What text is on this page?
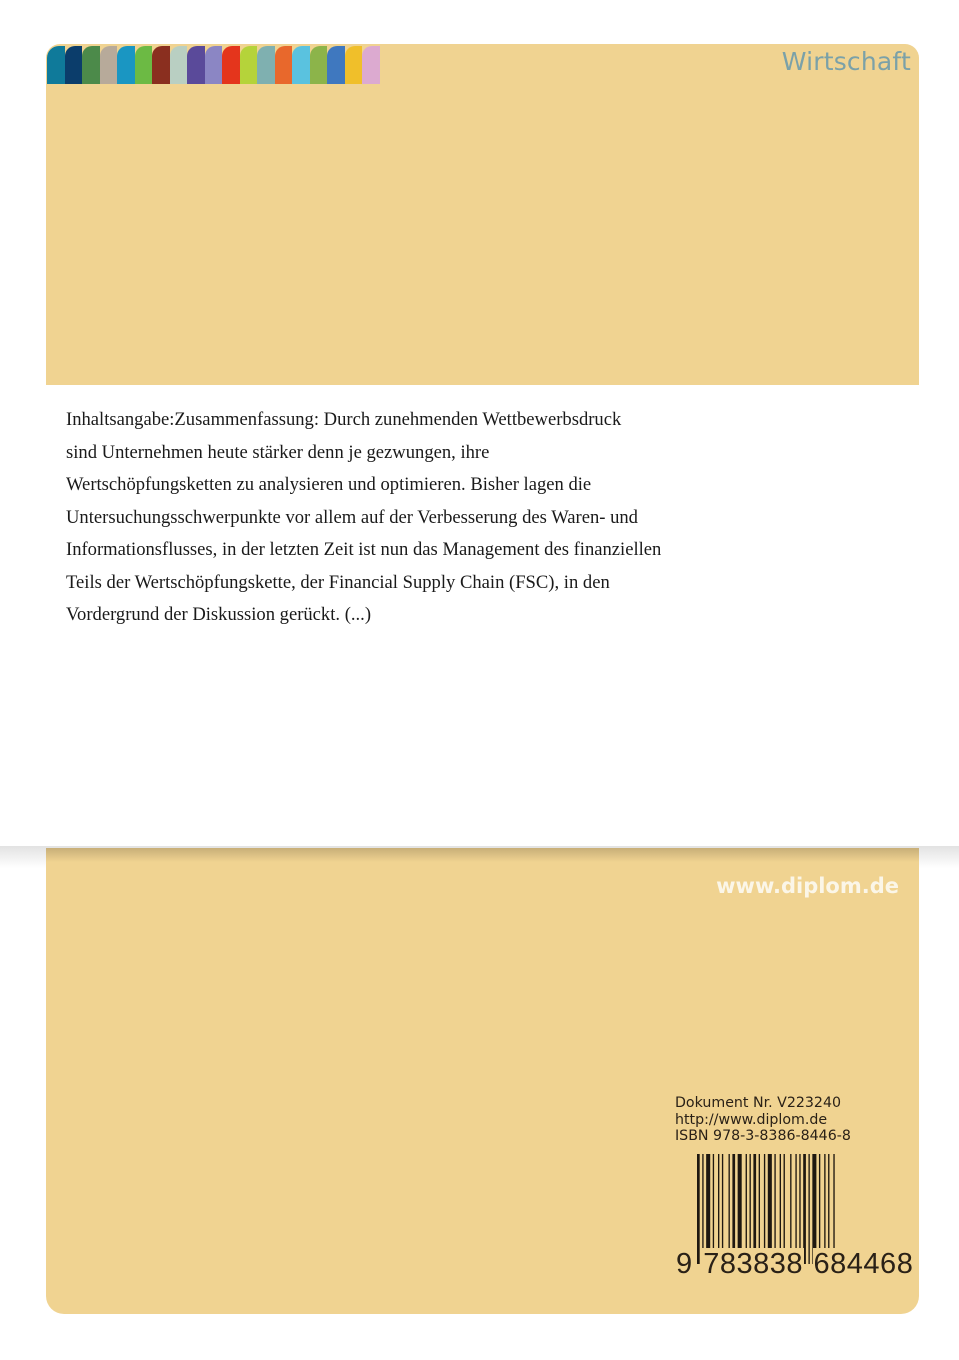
Wirtschaft
Inhaltsangabe:Zusammenfassung: Durch zunehmenden Wettbewerbsdruck
sind Unternehmen heute stärker denn je gezwungen, ihre
Wertschöpfungsketten zu analysieren und optimieren. Bisher lagen die
Untersuchungsschwerpunkte vor allem auf der Verbesserung des Waren- und
Informationsflusses, in der letzten Zeit ist nun das Management des finanziellen
Teils der Wertschöpfungskette, der Financial Supply Chain (FSC), in den
Vordergrund der Diskussion gerückt. (...)
www.diplom.de
Dokument Nr. V223240
http://www.diplom.de
ISBN 978-3-8386-8446-8
9 783838 684468
